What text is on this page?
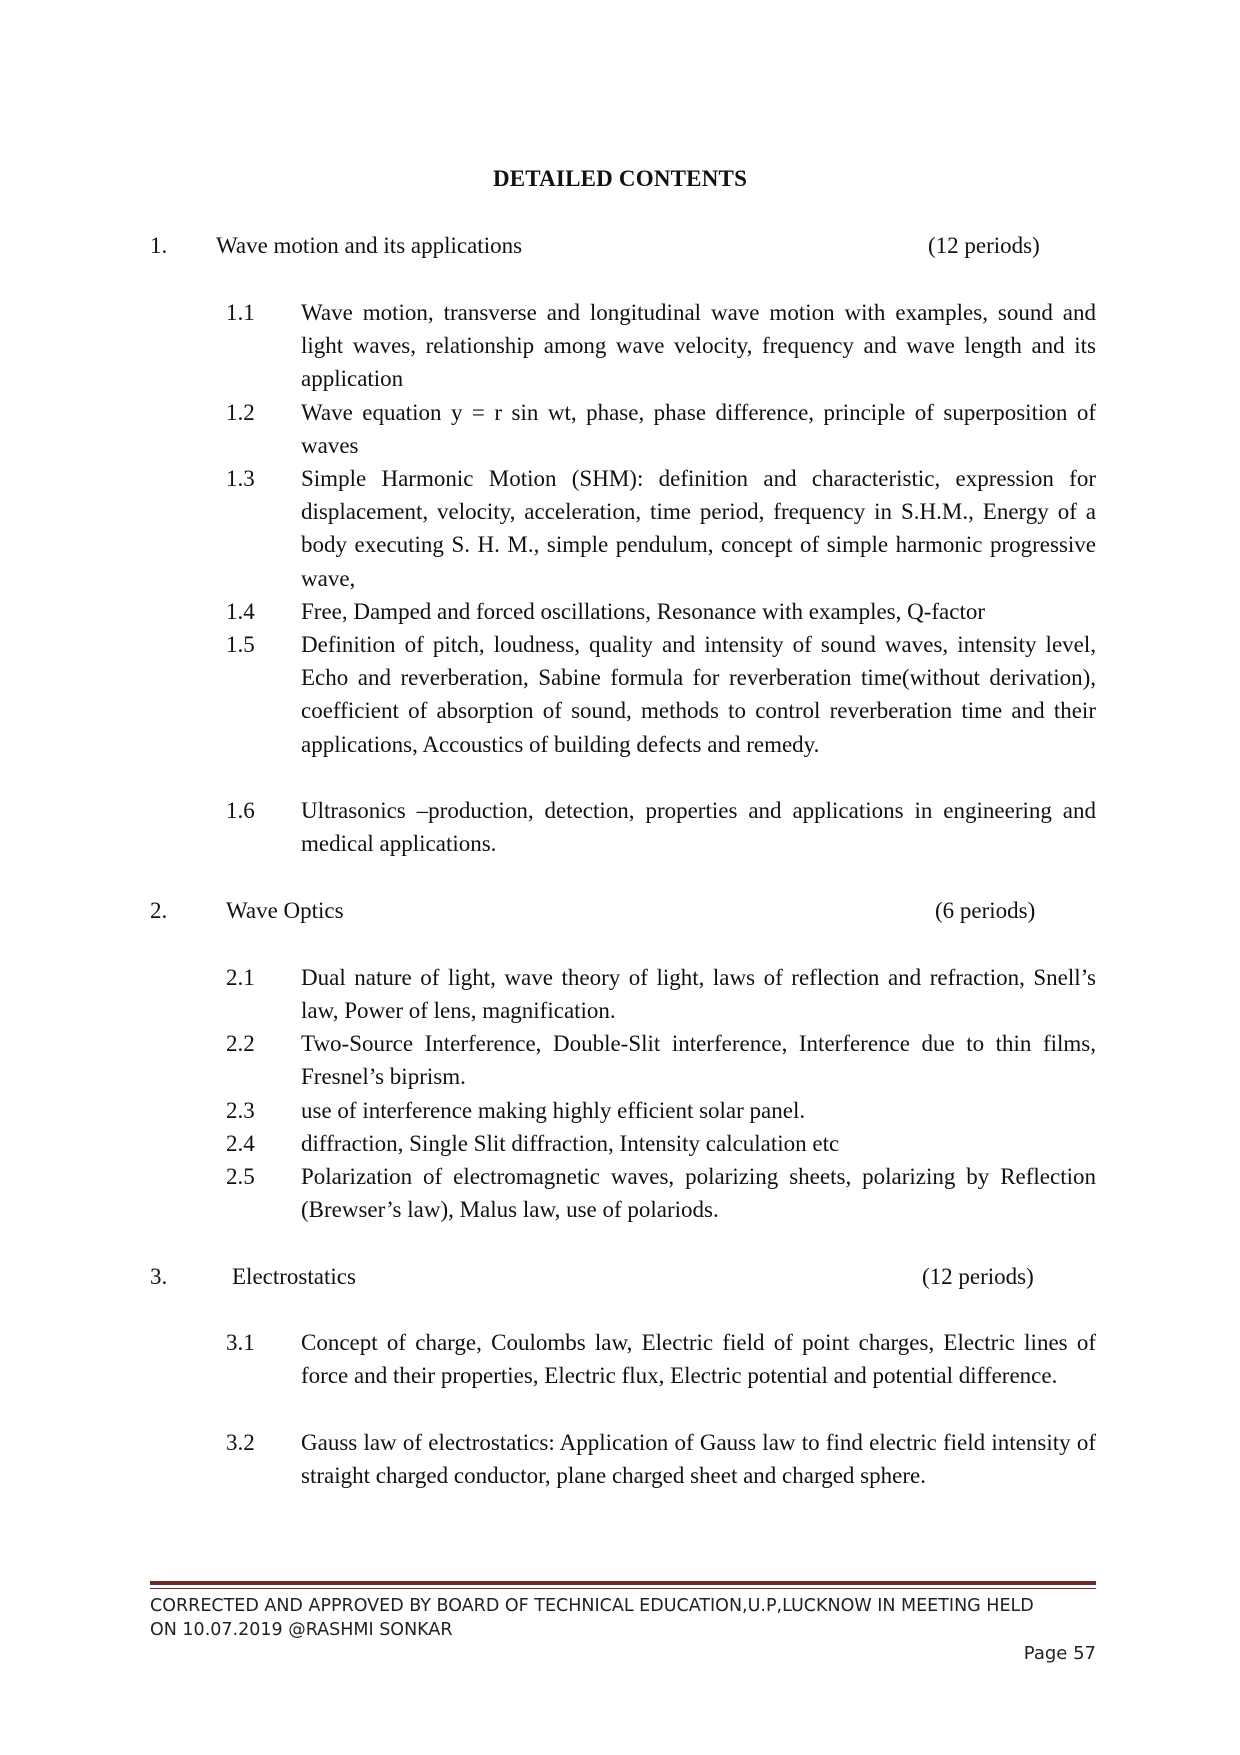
DETAILED CONTENTS
1. Wave motion and its applications	(12 periods)
1.1 Wave motion, transverse and longitudinal wave motion with examples, sound and light waves, relationship among wave velocity, frequency and wave length and its application
1.2 Wave equation y = r sin wt, phase, phase difference, principle of superposition of waves
1.3 Simple Harmonic Motion (SHM): definition and characteristic, expression for displacement, velocity, acceleration, time period, frequency in S.H.M., Energy of a body executing S. H. M., simple pendulum, concept of simple harmonic progressive wave,
1.4 Free, Damped and forced oscillations, Resonance with examples, Q-factor
1.5 Definition of pitch, loudness, quality and intensity of sound waves, intensity level, Echo and reverberation, Sabine formula for reverberation time(without derivation), coefficient of absorption of sound, methods to control reverberation time and their applications, Accoustics of building defects and remedy.
1.6 Ultrasonics –production, detection, properties and applications in engineering and medical applications.
2.	Wave Optics	(6 periods)
2.1 Dual nature of light, wave theory of light, laws of reflection and refraction, Snell’s law, Power of lens, magnification.
2.2 Two-Source Interference, Double-Slit interference, Interference due to thin films, Fresnel’s biprism.
2.3 use of interference making highly efficient solar panel.
2.4 diffraction, Single Slit diffraction, Intensity calculation etc
2.5 Polarization of electromagnetic waves, polarizing sheets, polarizing by Reflection (Brewser’s law), Malus law, use of polariods.
3.	Electrostatics	(12 periods)
3.1 Concept of charge, Coulombs law, Electric field of point charges, Electric lines of force and their properties, Electric flux, Electric potential and potential difference.
3.2 Gauss law of electrostatics: Application of Gauss law to find electric field intensity of straight charged conductor, plane charged sheet and charged sphere.
CORRECTED AND APPROVED BY BOARD OF TECHNICAL EDUCATION,U.P,LUCKNOW IN MEETING HELD
ON 10.07.2019 @RASHMI SONKAR
Page 57
